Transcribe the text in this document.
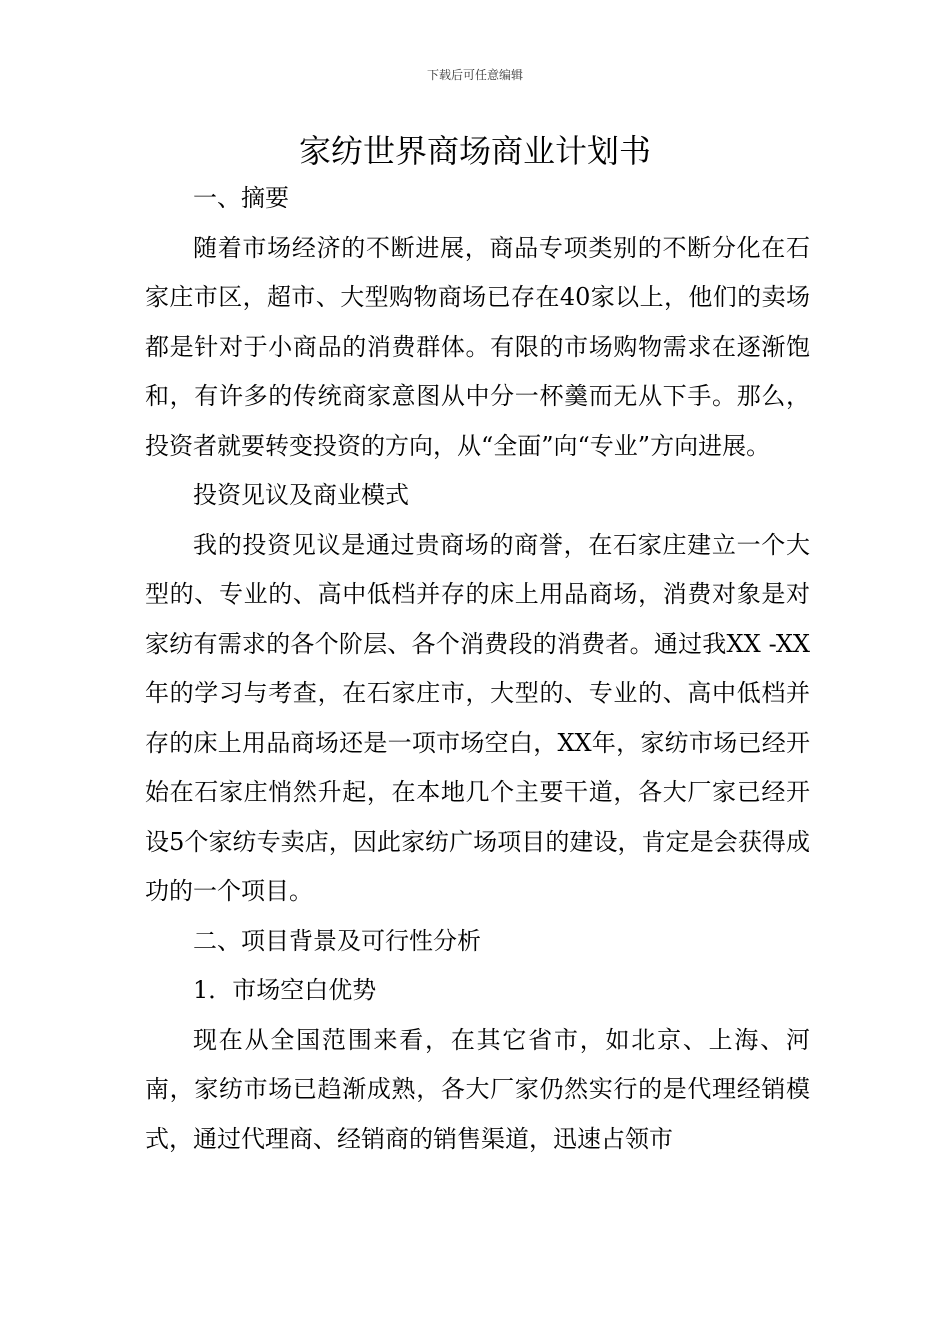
下载后可任意编辑
家纺世界商场商业计划书

一、摘要

随着市场经济的不断进展，商品专项类别的不断分化在石家庄市区，超市、大型购物商场已存在40家以上，他们的卖场都是针对于小商品的消费群体。有限的市场购物需求在逐渐饱和，有许多的传统商家意图从中分一杯羹而无从下手。那么，投资者就要转变投资的方向，从“全面”向“专业”方向进展。

投资见议及商业模式

我的投资见议是通过贵商场的商誉，在石家庄建立一个大型的、专业的、高中低档并存的床上用品商场，消费对象是对家纺有需求的各个阶层、各个消费段的消费者。通过我XX -XX年的学习与考查，在石家庄市，大型的、专业的、高中低档并存的床上用品商场还是一项市场空白，XX年，家纺市场已经开始在石家庄悄然升起，在本地几个主要干道，各大厂家已经开设5个家纺专卖店，因此家纺广场项目的建设，肯定是会获得成功的一个项目。

二、项目背景及可行性分析

1．市场空白优势

现在从全国范围来看，在其它省市，如北京、上海、河南，家纺市场已趋渐成熟，各大厂家仍然实行的是代理经销模式，通过代理商、经销商的销售渠道，迅速占领市
